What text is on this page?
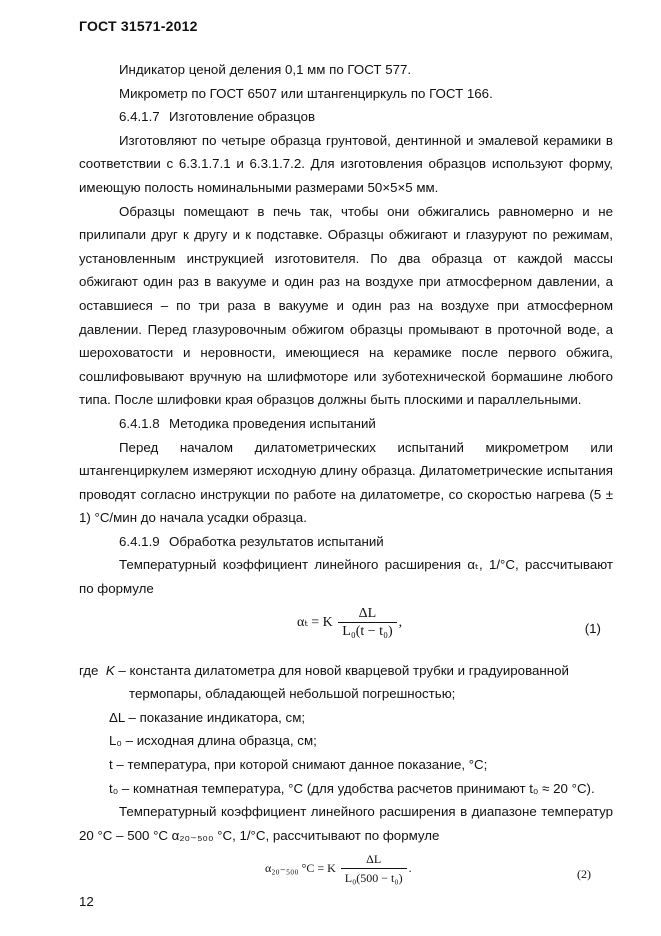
ГОСТ 31571-2012

Индикатор ценой деления 0,1 мм по ГОСТ 577.

Микрометр по ГОСТ 6507 или штангенциркуль по ГОСТ 166.

6.4.1.7 Изготовление образцов

Изготовляют по четыре образца грунтовой, дентинной и эмалевой керамики в соответствии с 6.3.1.7.1 и 6.3.1.7.2. Для изготовления образцов используют форму, имеющую полость номинальными размерами 50×5×5 мм.

Образцы помещают в печь так, чтобы они обжигались равномерно и не прилипали друг к другу и к подставке. Образцы обжигают и глазуруют по режимам, установленным инструкцией изготовителя. По два образца от каждой массы обжигают один раз в вакууме и один раз на воздухе при атмосферном давлении, а оставшиеся – по три раза в вакууме и один раз на воздухе при атмосферном давлении. Перед глазуровочным обжигом образцы промывают в проточной воде, а шероховатости и неровности, имеющиеся на керамике после первого обжига, сошлифовывают вручную на шлифмоторе или зуботехнической бормашине любого типа. После шлифовки края образцов должны быть плоскими и параллельными.

6.4.1.8 Методика проведения испытаний

Перед началом дилатометрических испытаний микрометром или

штангенциркулем измеряют исходную длину образца. Дилатометрические испытания проводят согласно инструкции по работе на дилатометре, со скоростью нагрева (5 ± 1) °С/мин до начала усадки образца.

6.4.1.9 Обработка результатов испытаний

Температурный коэффициент линейного расширения αₜ, 1/°С, рассчитывают по формуле

αₜ = K $\frac{\Delta L}{\text{L₀(t − t₀)}}$ ,	(1)

где K – константа дилатометра для новой кварцевой трубки и градуированной

термопары, обладающей небольшой погрешностью;

ΔL – показание индикатора, см;

L₀ – исходная длина образца, см;

t – температура, при которой снимают данное показание, °С;

t₀ – комнатная температура, °С (для удобства расчетов принимают t₀ ≈ 20 °С).

Температурный коэффициент линейного расширения в диапазоне температур 20 °С – 500 °С α₂₀₋₅₀₀ °С, 1/°С, рассчитывают по формуле

α₂₀₋₅₀₀ °С = K $\frac{\Delta L}{\text{L₀(500 − t₀)}}$ .	(2)
12
